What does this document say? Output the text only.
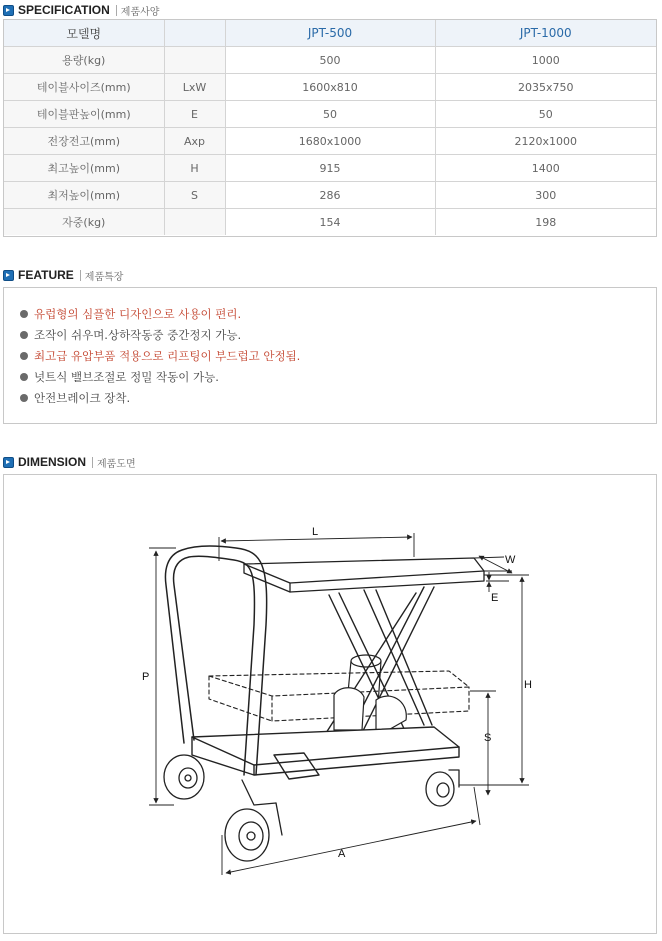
SPECIFICATION 제품사양
모델명		JPT-500	JPT-1000
용량(kg)		500	1000
테이블사이즈(mm)	LxW	1600x810	2035x750
테이블판높이(mm)	E	50	50
전장전고(mm)	Axp	1680x1000	2120x1000
최고높이(mm)	H	915	1400
최저높이(mm)	S	286	300
자중(kg)		154	198
FEATURE 제품특장
유럽형의 심플한 디자인으로 사용이 편리.
조작이 쉬우며.상하작동중 중간정지 가능.
최고급 유압부품 적용으로 리프팅이 부드럽고 안정됨.
넛트식 밸브조절로 정밀 작동이 가능.
안전브레이크 장착.
DIMENSION 제품도면
L
W
E
P
H
S
A
